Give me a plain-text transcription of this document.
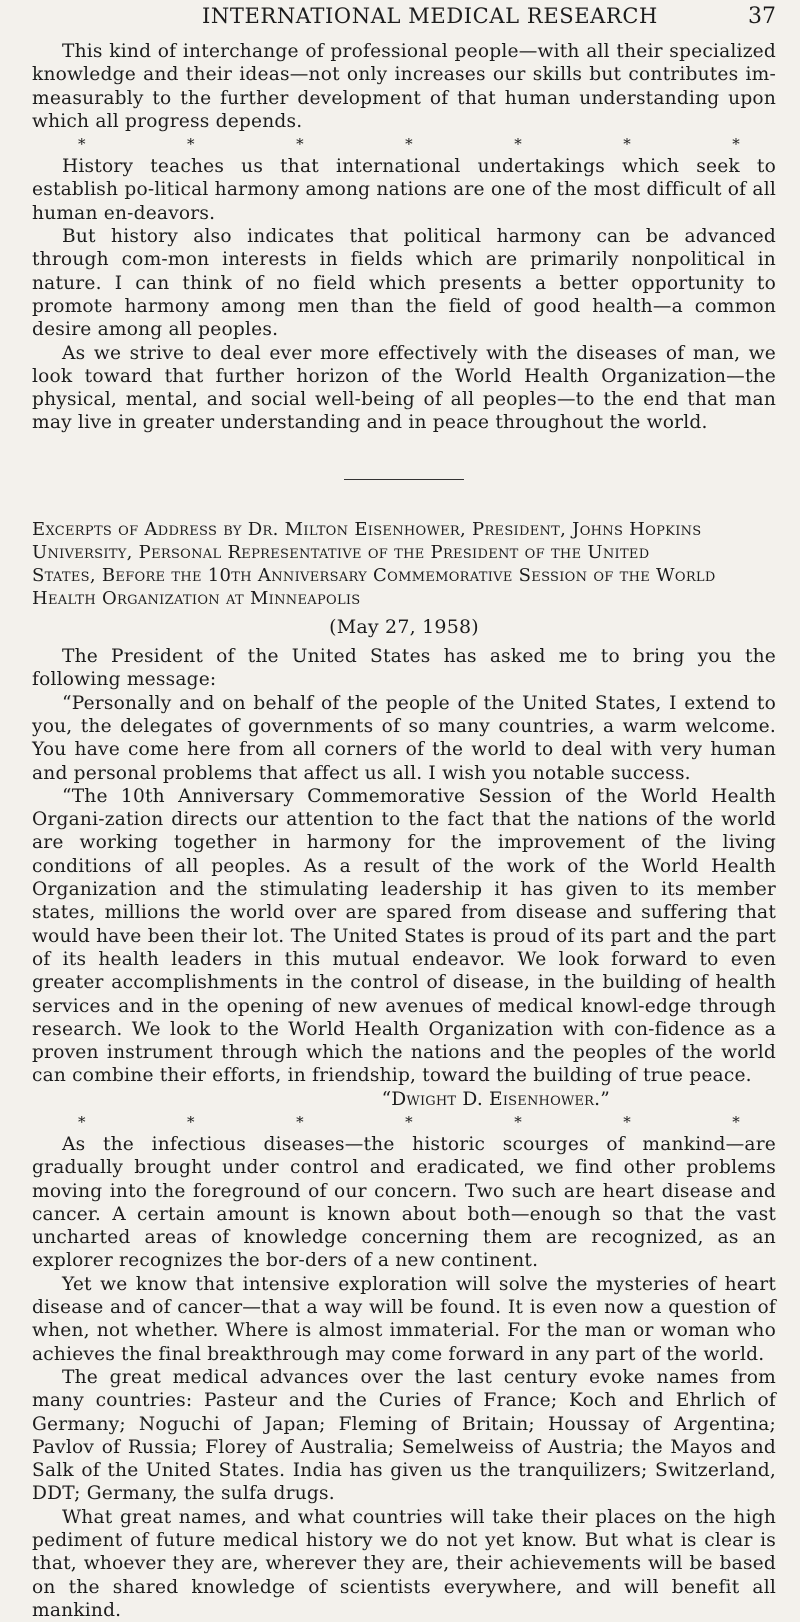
INTERNATIONAL MEDICAL RESEARCH	37

This kind of interchange of professional people—with all their specialized knowledge and their ideas—not only increases our skills but contributes im-measurably to the further development of that human understanding upon which all progress depends.

*	*	*	*	*	*	*

History teaches us that international undertakings which seek to establish po-litical harmony among nations are one of the most difficult of all human en-deavors.

But history also indicates that political harmony can be advanced through com-mon interests in fields which are primarily nonpolitical in nature. I can think of no field which presents a better opportunity to promote harmony among men than the field of good health—a common desire among all peoples.

As we strive to deal ever more effectively with the diseases of man, we look toward that further horizon of the World Health Organization—the physical, mental, and social well-being of all peoples—to the end that man may live in greater understanding and in peace throughout the world.

Excerpts of Address by Dr. Milton Eisenhower, President, Johns Hopkins
University, Personal Representative of the President of the United
States, Before the 10th Anniversary Commemorative Session of the World
Health Organization at Minneapolis
(May 27, 1958)

The President of the United States has asked me to bring you the following message:

“Personally and on behalf of the people of the United States, I extend to you, the delegates of governments of so many countries, a warm welcome. You have come here from all corners of the world to deal with very human and personal problems that affect us all. I wish you notable success.

“The 10th Anniversary Commemorative Session of the World Health Organi-zation directs our attention to the fact that the nations of the world are working together in harmony for the improvement of the living conditions of all peoples. As a result of the work of the World Health Organization and the stimulating leadership it has given to its member states, millions the world over are spared from disease and suffering that would have been their lot. The United States is proud of its part and the part of its health leaders in this mutual endeavor. We look forward to even greater accomplishments in the control of disease, in the building of health services and in the opening of new avenues of medical knowl-edge through research. We look to the World Health Organization with con-fidence as a proven instrument through which the nations and the peoples of the world can combine their efforts, in friendship, toward the building of true peace.

“Dwight D. Eisenhower.”
*	*	*	*	*	*	*

As the infectious diseases—the historic scourges of mankind—are gradually brought under control and eradicated, we find other problems moving into the foreground of our concern. Two such are heart disease and cancer. A certain amount is known about both—enough so that the vast uncharted areas of knowledge concerning them are recognized, as an explorer recognizes the bor-ders of a new continent.

Yet we know that intensive exploration will solve the mysteries of heart disease and of cancer—that a way will be found. It is even now a question of when, not whether. Where is almost immaterial. For the man or woman who achieves the final breakthrough may come forward in any part of the world.

The great medical advances over the last century evoke names from many countries: Pasteur and the Curies of France; Koch and Ehrlich of Germany; Noguchi of Japan; Fleming of Britain; Houssay of Argentina; Pavlov of Russia; Florey of Australia; Semelweiss of Austria; the Mayos and Salk of the United States. India has given us the tranquilizers; Switzerland, DDT; Germany, the sulfa drugs.

What great names, and what countries will take their places on the high pediment of future medical history we do not yet know. But what is clear is that, whoever they are, wherever they are, their achievements will be based on the shared knowledge of scientists everywhere, and will benefit all mankind.
